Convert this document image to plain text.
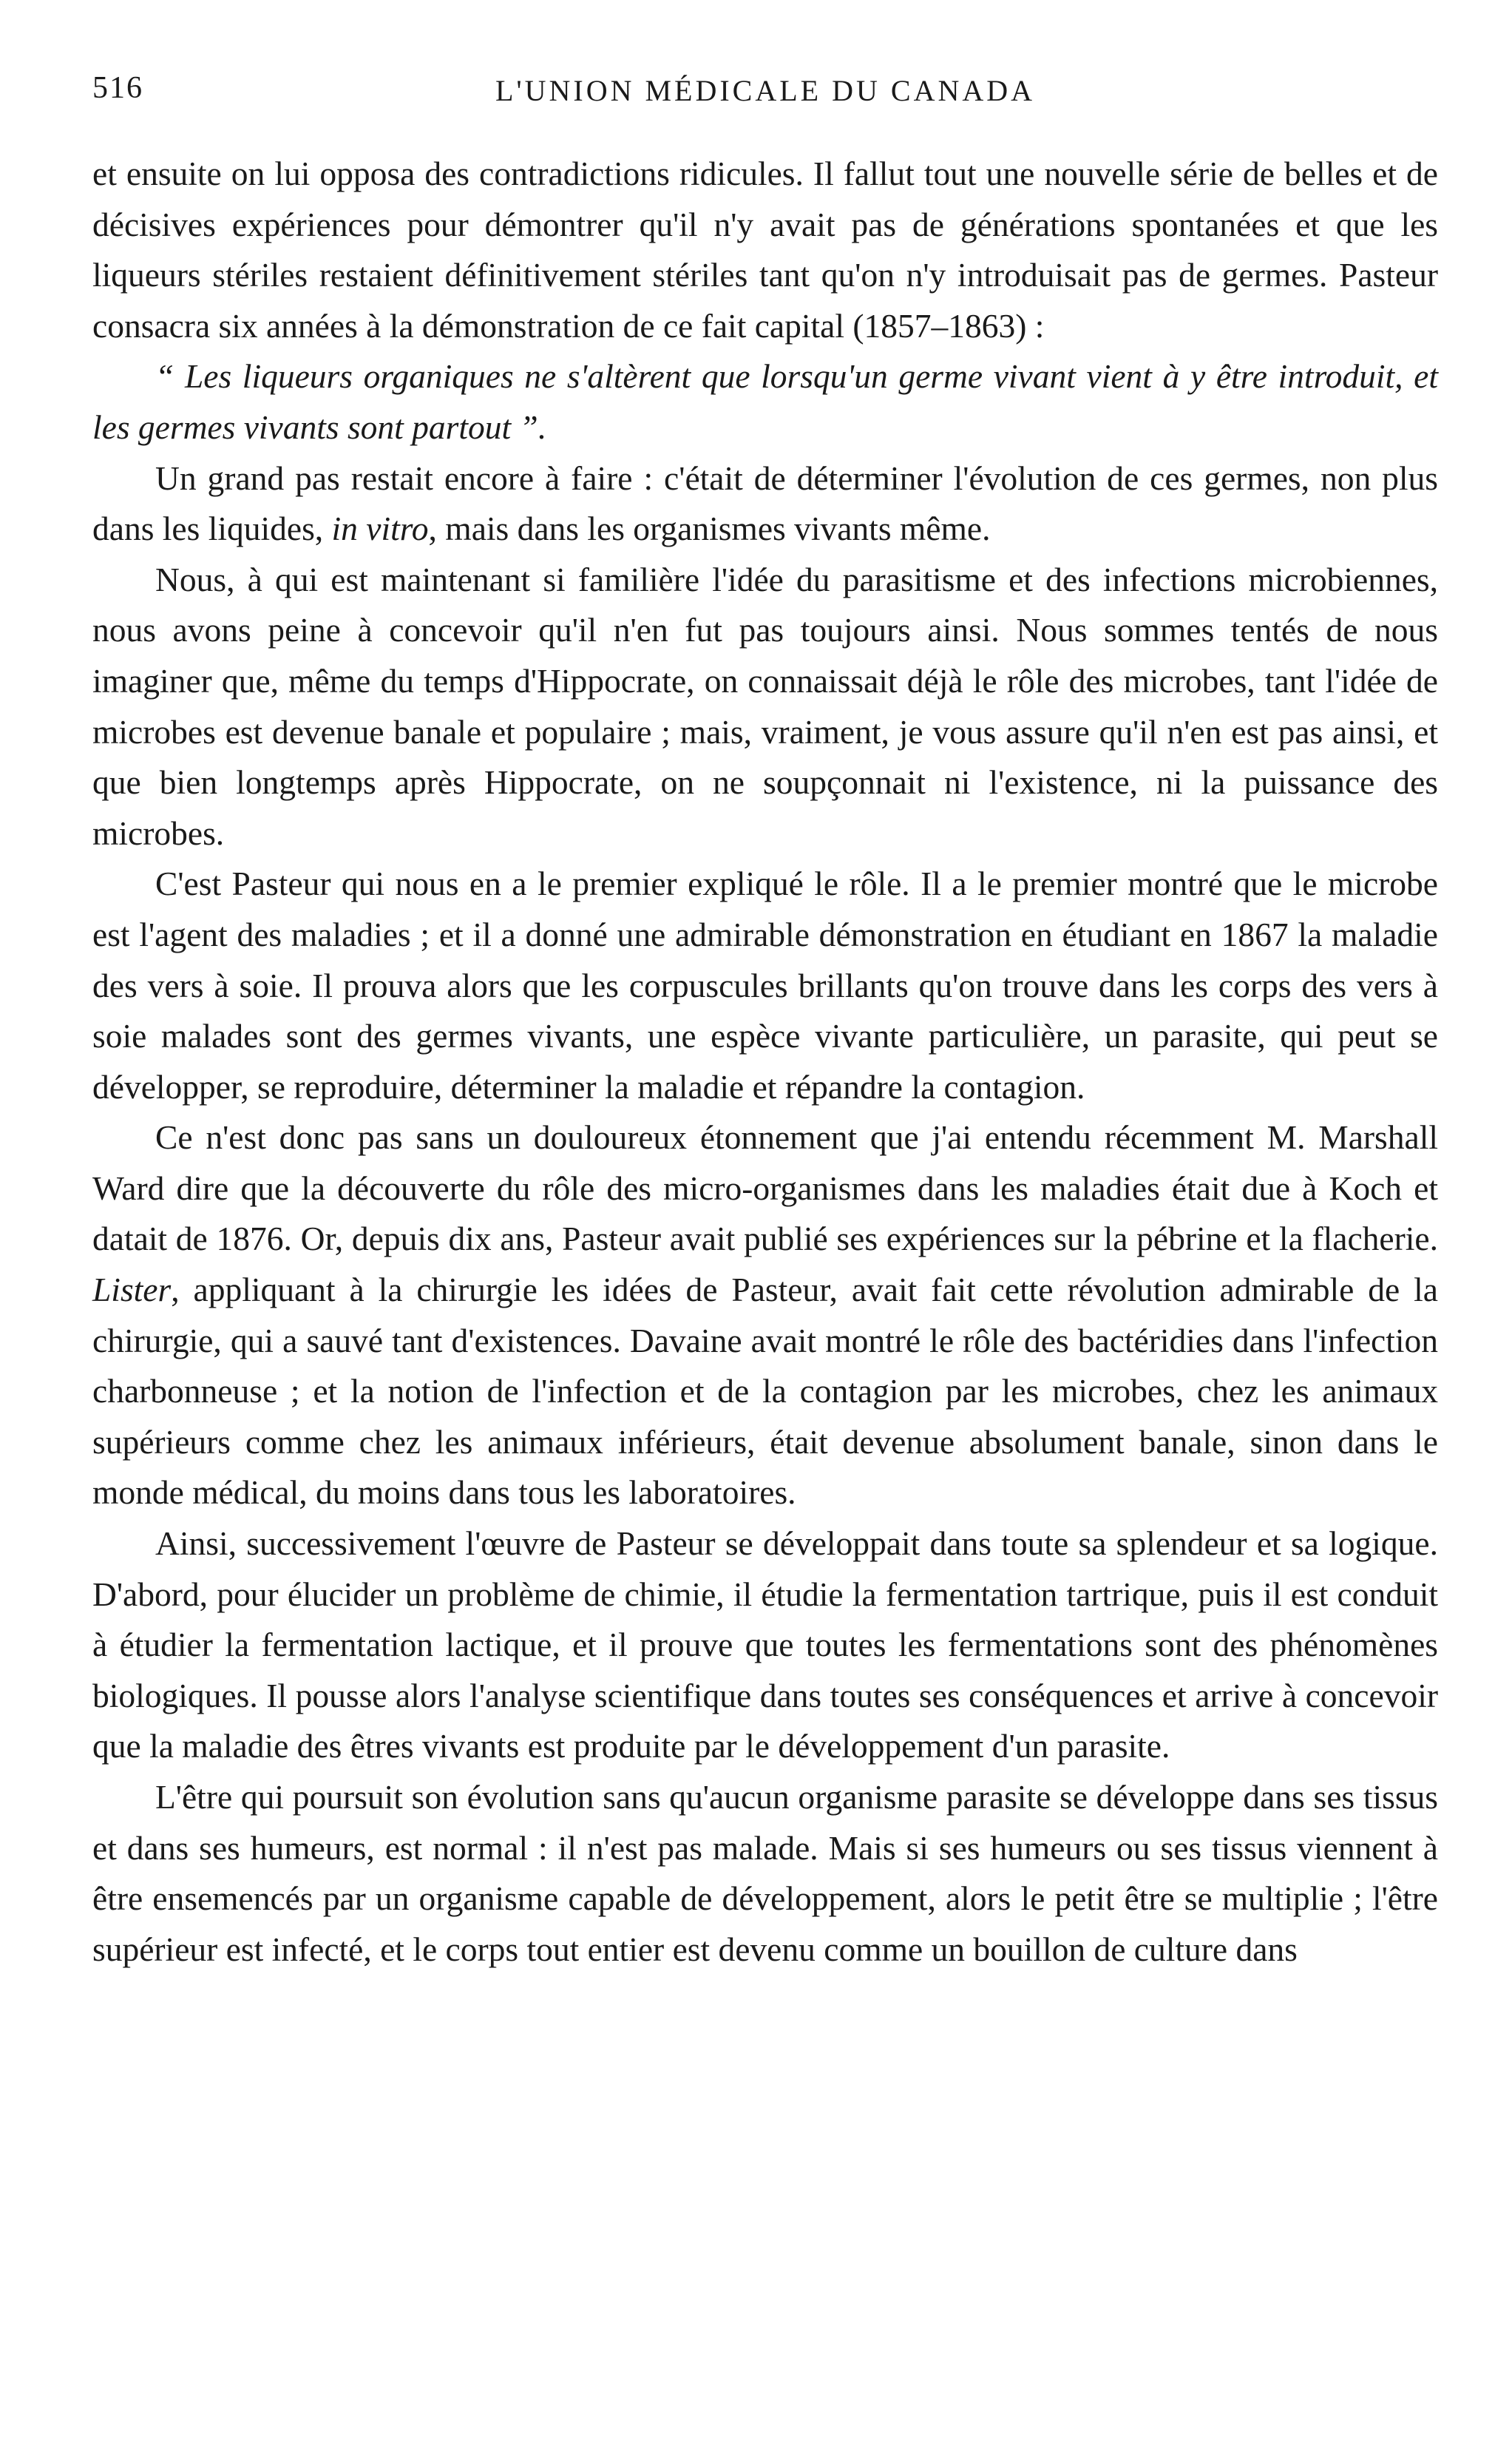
516	L'UNION MÉDICALE DU CANADA

et ensuite on lui opposa des contradictions ridicules. Il fallut tout une nouvelle série de belles et de décisives expériences pour démontrer qu'il n'y avait pas de générations spontanées et que les liqueurs stériles restaient définitivement stériles tant qu'on n'y introduisait pas de germes. Pasteur consacra six années à la démonstration de ce fait capital (1857–1863) :

“ Les liqueurs organiques ne s'altèrent que lorsqu'un germe vivant vient à y être introduit, et les germes vivants sont partout ”.

Un grand pas restait encore à faire : c'était de déterminer l'évolution de ces germes, non plus dans les liquides, in vitro, mais dans les organismes vivants même.

Nous, à qui est maintenant si familière l'idée du parasitisme et des infections microbiennes, nous avons peine à concevoir qu'il n'en fut pas toujours ainsi. Nous sommes tentés de nous imaginer que, même du temps d'Hippocrate, on connaissait déjà le rôle des microbes, tant l'idée de microbes est devenue banale et populaire ; mais, vraiment, je vous assure qu'il n'en est pas ainsi, et que bien longtemps après Hippocrate, on ne soupçonnait ni l'existence, ni la puissance des microbes.

C'est Pasteur qui nous en a le premier expliqué le rôle. Il a le premier montré que le microbe est l'agent des maladies ; et il a donné une admirable démonstration en étudiant en 1867 la maladie des vers à soie. Il prouva alors que les corpuscules brillants qu'on trouve dans les corps des vers à soie malades sont des germes vivants, une espèce vivante particulière, un parasite, qui peut se développer, se reproduire, déterminer la maladie et répandre la contagion.

Ce n'est donc pas sans un douloureux étonnement que j'ai entendu récemment M. Marshall Ward dire que la découverte du rôle des micro-organismes dans les maladies était due à Koch et datait de 1876. Or, depuis dix ans, Pasteur avait publié ses expériences sur la pébrine et la flacherie. Lister, appliquant à la chirurgie les idées de Pasteur, avait fait cette révolution admirable de la chirurgie, qui a sauvé tant d'existences. Davaine avait montré le rôle des bactéridies dans l'infection charbonneuse ; et la notion de l'infection et de la contagion par les microbes, chez les animaux supérieurs comme chez les animaux inférieurs, était devenue absolument banale, sinon dans le monde médical, du moins dans tous les laboratoires.

Ainsi, successivement l'œuvre de Pasteur se développait dans toute sa splendeur et sa logique. D'abord, pour élucider un problème de chimie, il étudie la fermentation tartrique, puis il est conduit à étudier la fermentation lactique, et il prouve que toutes les fermentations sont des phénomènes biologiques. Il pousse alors l'analyse scientifique dans toutes ses conséquences et arrive à concevoir que la maladie des êtres vivants est produite par le développement d'un parasite.

L'être qui poursuit son évolution sans qu'aucun organisme parasite se développe dans ses tissus et dans ses humeurs, est normal : il n'est pas malade. Mais si ses humeurs ou ses tissus viennent à être ensemencés par un organisme capable de développement, alors le petit être se multiplie ; l'être supérieur est infecté, et le corps tout entier est devenu comme un bouillon de culture dans
